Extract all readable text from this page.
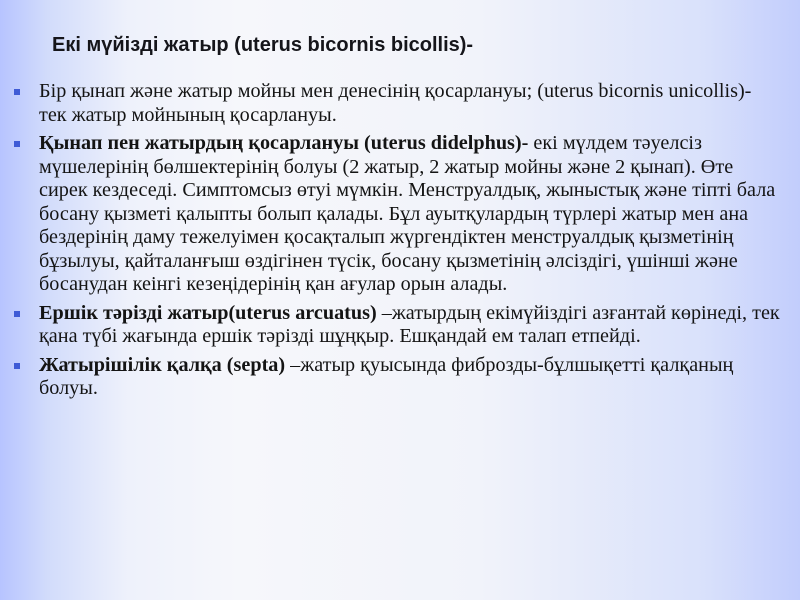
Екі мүйізді жатыр (uterus bicornis bicollis)-
Бір қынап және жатыр мойны мен денесінің қосарлануы; (uterus bicornis unicollis)- тек жатыр мойнының қосарлануы.
Қынап пен жатырдың қосарлануы (uterus didelphus)- екі мүлдем тәуелсіз мүшелерінің бөлшектерінің болуы (2 жатыр, 2 жатыр мойны және 2 қынап). Өте сирек кездеседі. Симптомсыз өтуі мүмкін. Менструалдық, жыныстық және тіпті бала босану қызметі қалыпты болып қалады. Бұл ауытқулардың түрлері жатыр мен ана бездерінің даму тежелуімен қосақталып жүргендіктен менструалдық қызметінің бұзылуы, қайталанғыш өздігінен түсік, босану қызметінің әлсіздігі, үшінші және босанудан кеінгі кезеңідерінің қан ағулар орын алады.
Ершік тәрізді жатыр(uterus arcuatus) –жатырдың екімүйіздігі азғантай көрінеді, тек қана түбі жағында ершік тәрізді шұңқыр. Ешқандай ем талап етпейді.
Жатырішілік қалқа (septa) –жатыр қуысында фиброзды-бұлшықетті қалқаның болуы.
